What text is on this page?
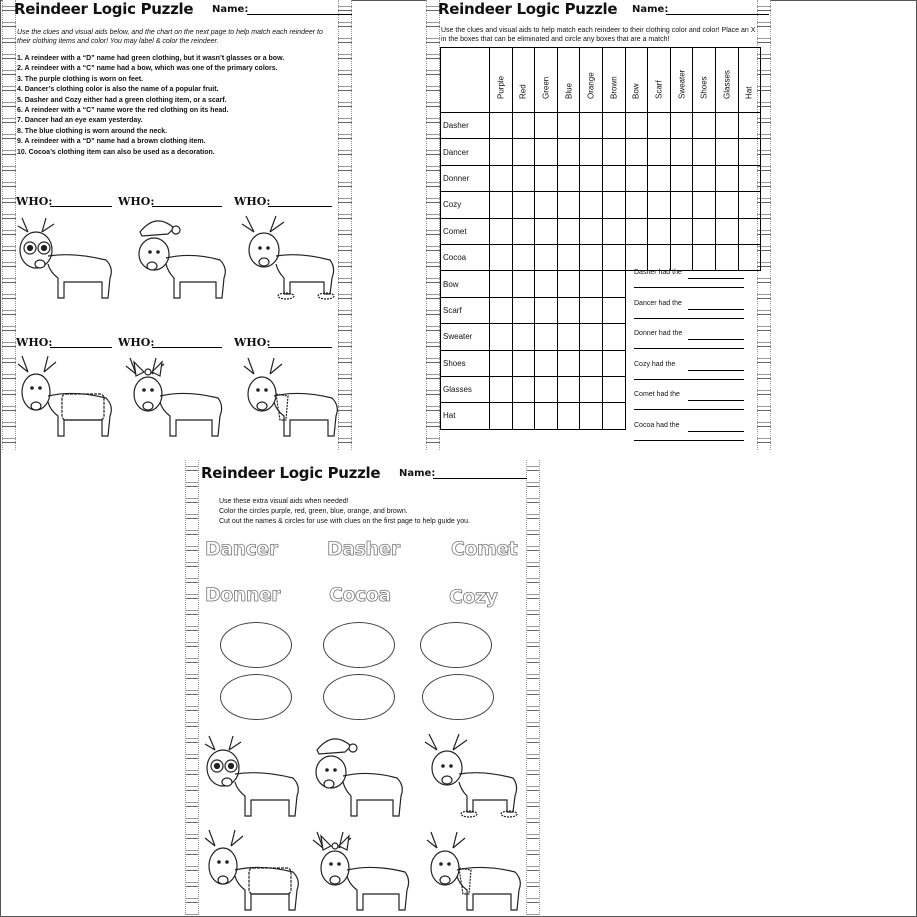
Reindeer Logic Puzzle Name:
Use the clues and visual aids below, and the chart on the next page to help match each reindeer to their clothing items and color! You may label & color the reindeer.
1. A reindeer with a “D” name had green clothing, but it wasn’t glasses or a bow.
2. A reindeer with a “C” name had a bow, which was one of the primary colors.
3. The purple clothing is worn on feet.
4. Dancer’s clothing color is also the name of a popular fruit.
5. Dasher and Cozy either had a green clothing item, or a scarf.
6. A reindeer with a “C” name wore the red clothing on its head.
7. Dancer had an eye exam yesterday.
8. The blue clothing is worn around the neck.
9. A reindeer with a “D” name had a brown clothing item.
10. Cocoa’s clothing item can also be used as a decoration.
WHO:	WHO:	WHO:
WHO:	WHO:	WHO:
Reindeer Logic Puzzle Name:
Use the clues and visual aids to help match each reindeer to their clothing color and color! Place an X in the boxes that can be eliminated and circle any boxes that are a match!

	Purple	Red	Green	Blue	Orange	Brown	Bow	Scarf	Sweater	Shoes	Glasses	Hat

Dasher												
Dancer												
Donner												
Cozy												
Comet												
Cocoa												
Bow												
Scarf												
Sweater												
Shoes												
Glasses												
Hat												
Dasher had the
Dancer had the
Donner had the
Cozy had the
Comet had the
Cocoa had the
Reindeer Logic Puzzle Name:
Use these extra visual aids when needed!
Color the circles purple, red, green, blue, orange, and brown.
Cut out the names & circles for use with clues on the first page to help guide you.
Dancer	Dasher	Comet
Donner	Cocoa	Cozy
